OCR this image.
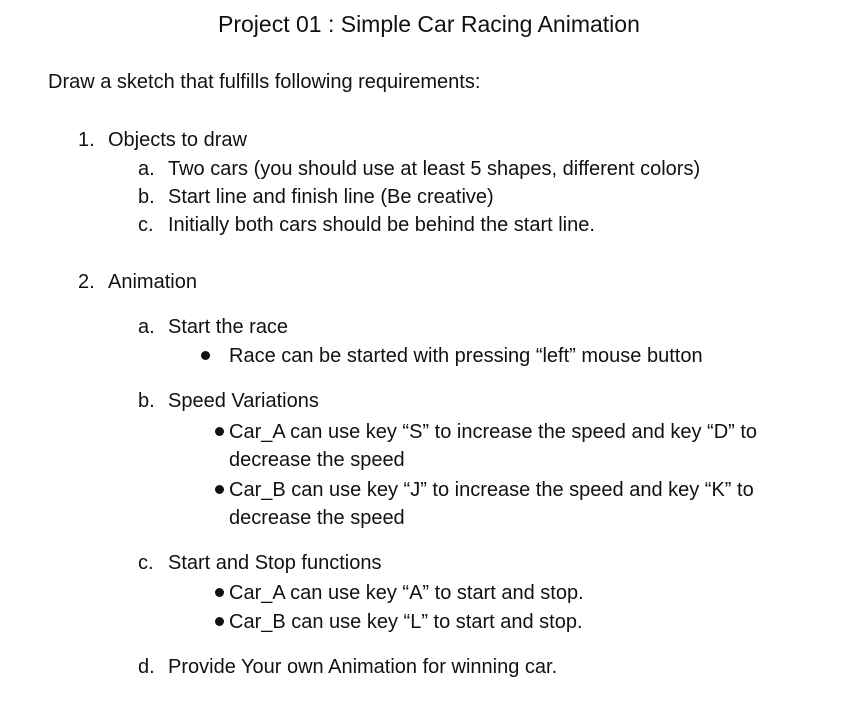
Project 01 : Simple Car Racing Animation
Draw a sketch that fulfills following requirements:
1. Objects to draw
a. Two cars (you should use at least 5 shapes, different colors)
b. Start line and finish line (Be creative)
c. Initially both cars should be behind the start line.
2. Animation
a. Start the race
Race can be started with pressing “left” mouse button
b. Speed Variations
Car_A can use key “S” to increase the speed and key “D” to
decrease the speed
Car_B can use key “J” to increase the speed and key “K” to
decrease the speed
c. Start and Stop functions
Car_A can use key “A” to start and stop.
Car_B can use key “L” to start and stop.
d. Provide Your own Animation for winning car.
